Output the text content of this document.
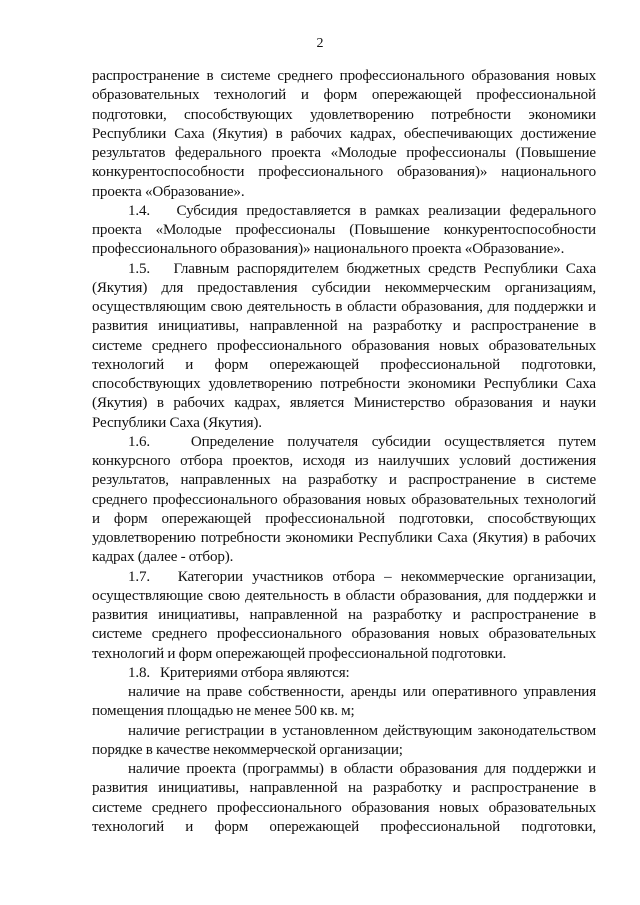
2

распространение в системе среднего профессионального образования новых образовательных технологий и форм опережающей профессиональной подготовки, способствующих удовлетворению потребности экономики Республики Саха (Якутия) в рабочих кадрах, обеспечивающих достижение результатов федерального проекта «Молодые профессионалы (Повышение конкурентоспособности профессионального образования)» национального проекта «Образование».

1.4.   Субсидия предоставляется в рамках реализации федерального проекта «Молодые профессионалы (Повышение конкурентоспособности профессионального образования)» национального проекта «Образование».

1.5.   Главным распорядителем бюджетных средств Республики Саха (Якутия) для предоставления субсидии некоммерческим организациям, осуществляющим свою деятельность в области образования, для поддержки и развития инициативы, направленной на разработку и распространение в системе среднего профессионального образования новых образовательных технологий и форм опережающей профессиональной подготовки, способствующих удовлетворению потребности экономики Республики Саха (Якутия) в рабочих кадрах, является Министерство образования и науки Республики Саха (Якутия).

1.6.   Определение получателя субсидии осуществляется путем конкурсного отбора проектов, исходя из наилучших условий достижения результатов, направленных на разработку и распространение в системе среднего профессионального образования новых образовательных технологий и форм опережающей профессиональной подготовки, способствующих удовлетворению потребности экономики Республики Саха (Якутия) в рабочих кадрах (далее - отбор).

1.7.   Категории участников отбора – некоммерческие организации, осуществляющие свою деятельность в области образования, для поддержки и развития инициативы, направленной на разработку и распространение в системе среднего профессионального образования новых образовательных технологий и форм опережающей профессиональной подготовки.

1.8.   Критериями отбора являются:

наличие на праве собственности, аренды или оперативного управления помещения площадью не менее 500 кв. м;

наличие регистрации в установленном действующим законодательством порядке в качестве некоммерческой организации;

наличие проекта (программы) в области образования для поддержки и развития инициативы, направленной на разработку и распространение в системе среднего профессионального образования новых образовательных технологий и форм опережающей профессиональной подготовки,
